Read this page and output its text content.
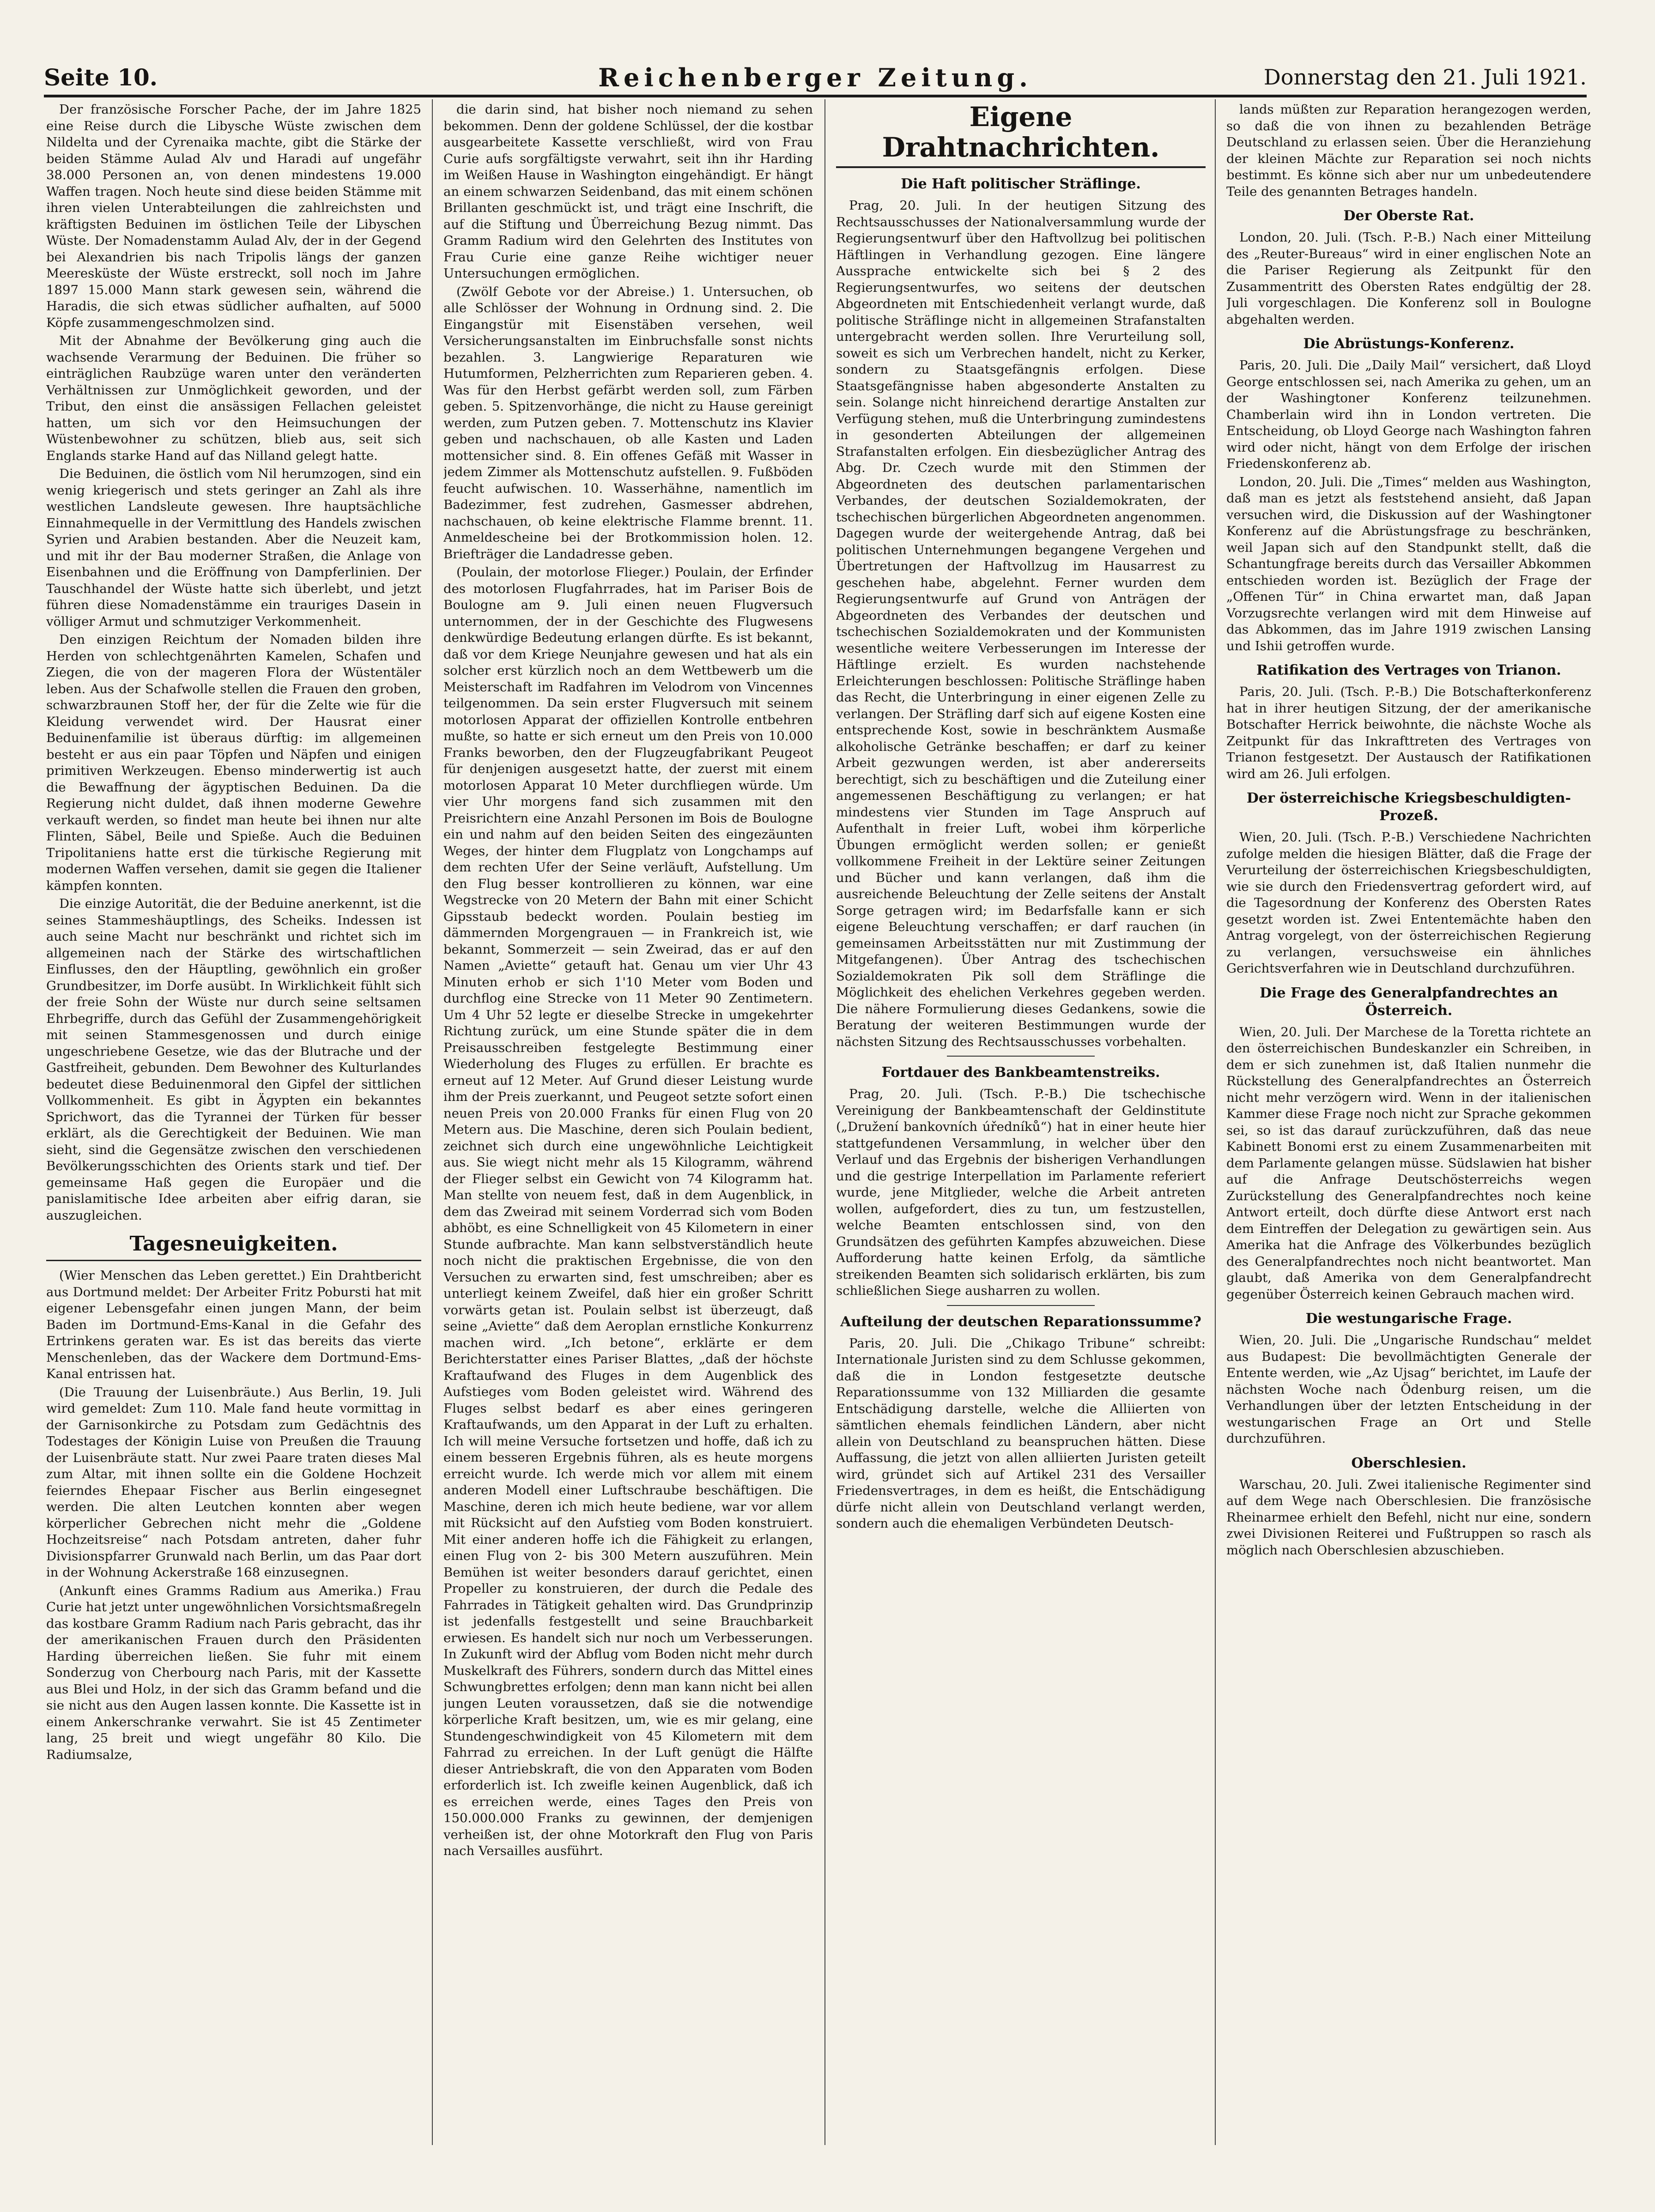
Seite 10.	Reichenberger Zeitung.	Donnerstag den 21. Juli 1921.

Der französische Forscher Pache, der im Jahre 1825 eine Reise durch die Libysche Wüste zwischen dem Nildelta und der Cyrenaika machte, gibt die Stärke der beiden Stämme Aulad Alv und Haradi auf ungefähr 38.000 Personen an, von denen mindestens 19.000 Waffen tragen. Noch heute sind diese beiden Stämme mit ihren vielen Unterabteilungen die zahlreichsten und kräftigsten Beduinen im östlichen Teile der Libyschen Wüste. Der Nomadenstamm Aulad Alv, der in der Gegend bei Alexandrien bis nach Tripolis längs der ganzen Meeresküste der Wüste erstreckt, soll noch im Jahre 1897 15.000 Mann stark gewesen sein, während die Haradis, die sich etwas südlicher aufhalten, auf 5000 Köpfe zusammengeschmolzen sind.

Mit der Abnahme der Bevölkerung ging auch die wachsende Verarmung der Beduinen. Die früher so einträglichen Raubzüge waren unter den veränderten Verhältnissen zur Unmöglichkeit geworden, und der Tribut, den einst die ansässigen Fellachen geleistet hatten, um sich vor den Heimsuchungen der Wüstenbewohner zu schützen, blieb aus, seit sich Englands starke Hand auf das Nilland gelegt hatte.

Die Beduinen, die östlich vom Nil herumzogen, sind ein wenig kriegerisch und stets geringer an Zahl als ihre westlichen Landsleute gewesen. Ihre hauptsächliche Einnahmequelle in der Vermittlung des Handels zwischen Syrien und Arabien bestanden. Aber die Neuzeit kam, und mit ihr der Bau moderner Straßen, die Anlage von Eisenbahnen und die Eröffnung von Dampferlinien. Der Tauschhandel der Wüste hatte sich überlebt, und jetzt führen diese Nomadenstämme ein trauriges Dasein in völliger Armut und schmutziger Verkommenheit.

Den einzigen Reichtum der Nomaden bilden ihre Herden von schlechtgenährten Kamelen, Schafen und Ziegen, die von der mageren Flora der Wüstentäler leben. Aus der Schafwolle stellen die Frauen den groben, schwarzbraunen Stoff her, der für die Zelte wie für die Kleidung verwendet wird. Der Hausrat einer Beduinenfamilie ist überaus dürftig: im allgemeinen besteht er aus ein paar Töpfen und Näpfen und einigen primitiven Werkzeugen. Ebenso minderwertig ist auch die Bewaffnung der ägyptischen Beduinen. Da die Regierung nicht duldet, daß ihnen moderne Gewehre verkauft werden, so findet man heute bei ihnen nur alte Flinten, Säbel, Beile und Spieße. Auch die Beduinen Tripolitaniens hatte erst die türkische Regierung mit modernen Waffen versehen, damit sie gegen die Italiener kämpfen konnten.

Die einzige Autorität, die der Beduine anerkennt, ist die seines Stammeshäuptlings, des Scheiks. Indessen ist auch seine Macht nur beschränkt und richtet sich im allgemeinen nach der Stärke des wirtschaftlichen Einflusses, den der Häuptling, gewöhnlich ein großer Grundbesitzer, im Dorfe ausübt. In Wirklichkeit fühlt sich der freie Sohn der Wüste nur durch seine seltsamen Ehrbegriffe, durch das Gefühl der Zusammengehörigkeit mit seinen Stammesgenossen und durch einige ungeschriebene Gesetze, wie das der Blutrache und der Gastfreiheit, gebunden. Dem Bewohner des Kulturlandes bedeutet diese Beduinenmoral den Gipfel der sittlichen Vollkommenheit. Es gibt in Ägypten ein bekanntes Sprichwort, das die Tyrannei der Türken für besser erklärt, als die Gerechtigkeit der Beduinen. Wie man sieht, sind die Gegensätze zwischen den verschiedenen Bevölkerungsschichten des Orients stark und tief. Der gemeinsame Haß gegen die Europäer und die panislamitische Idee arbeiten aber eifrig daran, sie auszugleichen.

Tagesneuigkeiten.

(Wier Menschen das Leben gerettet.) Ein Drahtbericht aus Dortmund meldet: Der Arbeiter Fritz Pobursti hat mit eigener Lebensgefahr einen jungen Mann, der beim Baden im Dortmund-Ems-Kanal in die Gefahr des Ertrinkens geraten war. Es ist das bereits das vierte Menschenleben, das der Wackere dem Dortmund-Ems-Kanal entrissen hat.

(Die Trauung der Luisenbräute.) Aus Berlin, 19. Juli wird gemeldet: Zum 110. Male fand heute vormittag in der Garnisonkirche zu Potsdam zum Gedächtnis des Todestages der Königin Luise von Preußen die Trauung der Luisenbräute statt. Nur zwei Paare traten dieses Mal zum Altar, mit ihnen sollte ein die Goldene Hochzeit feierndes Ehepaar Fischer aus Berlin eingesegnet werden. Die alten Leutchen konnten aber wegen körperlicher Gebrechen nicht mehr die „Goldene Hochzeitsreise“ nach Potsdam antreten, daher fuhr Divisionspfarrer Grunwald nach Berlin, um das Paar dort in der Wohnung Ackerstraße 168 einzusegnen.

(Ankunft eines Gramms Radium aus Amerika.) Frau Curie hat jetzt unter ungewöhnlichen Vorsichtsmaßregeln das kostbare Gramm Radium nach Paris gebracht, das ihr der amerikanischen Frauen durch den Präsidenten Harding überreichen ließen. Sie fuhr mit einem Sonderzug von Cherbourg nach Paris, mit der Kassette aus Blei und Holz, in der sich das Gramm befand und die sie nicht aus den Augen lassen konnte. Die Kassette ist in einem Ankerschranke verwahrt. Sie ist 45 Zentimeter lang, 25 breit und wiegt ungefähr 80 Kilo. Die Radiumsalze,

die darin sind, hat bisher noch niemand zu sehen bekommen. Denn der goldene Schlüssel, der die kostbar ausgearbeitete Kassette verschließt, wird von Frau Curie aufs sorgfältigste verwahrt, seit ihn ihr Harding im Weißen Hause in Washington eingehändigt. Er hängt an einem schwarzen Seidenband, das mit einem schönen Brillanten geschmückt ist, und trägt eine Inschrift, die auf die Stiftung und Überreichung Bezug nimmt. Das Gramm Radium wird den Gelehrten des Institutes von Frau Curie eine ganze Reihe wichtiger neuer Untersuchungen ermöglichen.

(Zwölf Gebote vor der Abreise.) 1. Untersuchen, ob alle Schlösser der Wohnung in Ordnung sind. 2. Die Eingangstür mit Eisenstäben versehen, weil Versicherungsanstalten im Einbruchsfalle sonst nichts bezahlen. 3. Langwierige Reparaturen wie Hutumformen, Pelzherrichten zum Reparieren geben. 4. Was für den Herbst gefärbt werden soll, zum Färben geben. 5. Spitzenvorhänge, die nicht zu Hause gereinigt werden, zum Putzen geben. 7. Mottenschutz ins Klavier geben und nachschauen, ob alle Kasten und Laden mottensicher sind. 8. Ein offenes Gefäß mit Wasser in jedem Zimmer als Mottenschutz aufstellen. 9. Fußböden feucht aufwischen. 10. Wasserhähne, namentlich im Badezimmer, fest zudrehen, Gasmesser abdrehen, nachschauen, ob keine elektrische Flamme brennt. 11. Anmeldescheine bei der Brotkommission holen. 12. Briefträger die Landadresse geben.

(Poulain, der motorlose Flieger.) Poulain, der Erfinder des motorlosen Flugfahrrades, hat im Pariser Bois de Boulogne am 9. Juli einen neuen Flugversuch unternommen, der in der Geschichte des Flugwesens denkwürdige Bedeutung erlangen dürfte. Es ist bekannt, daß vor dem Kriege Neunjahre gewesen und hat als ein solcher erst kürzlich noch an dem Wettbewerb um die Meisterschaft im Radfahren im Velodrom von Vincennes teilgenommen. Da sein erster Flugversuch mit seinem motorlosen Apparat der offiziellen Kontrolle entbehren mußte, so hatte er sich erneut um den Preis von 10.000 Franks beworben, den der Flugzeugfabrikant Peugeot für denjenigen ausgesetzt hatte, der zuerst mit einem motorlosen Apparat 10 Meter durchfliegen würde. Um vier Uhr morgens fand sich zusammen mit den Preisrichtern eine Anzahl Personen im Bois de Boulogne ein und nahm auf den beiden Seiten des eingezäunten Weges, der hinter dem Flugplatz von Longchamps auf dem rechten Ufer der Seine verläuft, Aufstellung. Um den Flug besser kontrollieren zu können, war eine Wegstrecke von 20 Metern der Bahn mit einer Schicht Gipsstaub bedeckt worden. Poulain bestieg im dämmernden Morgengrauen — in Frankreich ist, wie bekannt, Sommerzeit — sein Zweirad, das er auf den Namen „Aviette“ getauft hat. Genau um vier Uhr 43 Minuten erhob er sich 1'10 Meter vom Boden und durchflog eine Strecke von 11 Meter 90 Zentimetern. Um 4 Uhr 52 legte er dieselbe Strecke in umgekehrter Richtung zurück, um eine Stunde später die in dem Preisausschreiben festgelegte Bestimmung einer Wiederholung des Fluges zu erfüllen. Er brachte es erneut auf 12 Meter. Auf Grund dieser Leistung wurde ihm der Preis zuerkannt, und Peugeot setzte sofort einen neuen Preis von 20.000 Franks für einen Flug von 20 Metern aus. Die Maschine, deren sich Poulain bedient, zeichnet sich durch eine ungewöhnliche Leichtigkeit aus. Sie wiegt nicht mehr als 15 Kilogramm, während der Flieger selbst ein Gewicht von 74 Kilogramm hat. Man stellte von neuem fest, daß in dem Augenblick, in dem das Zweirad mit seinem Vorderrad sich vom Boden abhöbt, es eine Schnelligkeit von 45 Kilometern in einer Stunde aufbrachte. Man kann selbstverständlich heute noch nicht die praktischen Ergebnisse, die von den Versuchen zu erwarten sind, fest umschreiben; aber es unterliegt keinem Zweifel, daß hier ein großer Schritt vorwärts getan ist. Poulain selbst ist überzeugt, daß seine „Aviette“ daß dem Aeroplan ernstliche Konkurrenz machen wird. „Ich betone“, erklärte er dem Berichterstatter eines Pariser Blattes, „daß der höchste Kraftaufwand des Fluges in dem Augenblick des Aufstieges vom Boden geleistet wird. Während des Fluges selbst bedarf es aber eines geringeren Kraftaufwands, um den Apparat in der Luft zu erhalten. Ich will meine Versuche fortsetzen und hoffe, daß ich zu einem besseren Ergebnis führen, als es heute morgens erreicht wurde. Ich werde mich vor allem mit einem anderen Modell einer Luftschraube beschäftigen. Die Maschine, deren ich mich heute bediene, war vor allem mit Rücksicht auf den Aufstieg vom Boden konstruiert. Mit einer anderen hoffe ich die Fähigkeit zu erlangen, einen Flug von 2- bis 300 Metern auszuführen. Mein Bemühen ist weiter besonders darauf gerichtet, einen Propeller zu konstruieren, der durch die Pedale des Fahrrades in Tätigkeit gehalten wird. Das Grundprinzip ist jedenfalls festgestellt und seine Brauchbarkeit erwiesen. Es handelt sich nur noch um Verbesserungen. In Zukunft wird der Abflug vom Boden nicht mehr durch Muskelkraft des Führers, sondern durch das Mittel eines Schwungbrettes erfolgen; denn man kann nicht bei allen jungen Leuten voraussetzen, daß sie die notwendige körperliche Kraft besitzen, um, wie es mir gelang, eine Stundengeschwindigkeit von 45 Kilometern mit dem Fahrrad zu erreichen. In der Luft genügt die Hälfte dieser Antriebskraft, die von den Apparaten vom Boden erforderlich ist. Ich zweifle keinen Augenblick, daß ich es erreichen werde, eines Tages den Preis von 150.000.000 Franks zu gewinnen, der demjenigen verheißen ist, der ohne Motorkraft den Flug von Paris nach Versailles ausführt.

Eigene Drahtnachrichten.
Die Haft politischer Sträflinge.

Prag, 20. Juli. In der heutigen Sitzung des Rechtsausschusses der Nationalversammlung wurde der Regierungsentwurf über den Haftvollzug bei politischen Häftlingen in Verhandlung gezogen. Eine längere Aussprache entwickelte sich bei § 2 des Regierungsentwurfes, wo seitens der deutschen Abgeordneten mit Entschiedenheit verlangt wurde, daß politische Sträflinge nicht in allgemeinen Strafanstalten untergebracht werden sollen. Ihre Verurteilung soll, soweit es sich um Verbrechen handelt, nicht zu Kerker, sondern zu Staatsgefängnis erfolgen. Diese Staatsgefängnisse haben abgesonderte Anstalten zu sein. Solange nicht hinreichend derartige Anstalten zur Verfügung stehen, muß die Unterbringung zumindestens in gesonderten Abteilungen der allgemeinen Strafanstalten erfolgen. Ein diesbezüglicher Antrag des Abg. Dr. Czech wurde mit den Stimmen der Abgeordneten des deutschen parlamentarischen Verbandes, der deutschen Sozialdemokraten, der tschechischen bürgerlichen Abgeordneten angenommen. Dagegen wurde der weitergehende Antrag, daß bei politischen Unternehmungen begangene Vergehen und Übertretungen der Haftvollzug im Hausarrest zu geschehen habe, abgelehnt. Ferner wurden dem Regierungsentwurfe auf Grund von Anträgen der Abgeordneten des Verbandes der deutschen und tschechischen Sozialdemokraten und der Kommunisten wesentliche weitere Verbesserungen im Interesse der Häftlinge erzielt. Es wurden nachstehende Erleichterungen beschlossen: Politische Sträflinge haben das Recht, die Unterbringung in einer eigenen Zelle zu verlangen. Der Sträfling darf sich auf eigene Kosten eine entsprechende Kost, sowie in beschränktem Ausmaße alkoholische Getränke beschaffen; er darf zu keiner Arbeit gezwungen werden, ist aber andererseits berechtigt, sich zu beschäftigen und die Zuteilung einer angemessenen Beschäftigung zu verlangen; er hat mindestens vier Stunden im Tage Anspruch auf Aufenthalt in freier Luft, wobei ihm körperliche Übungen ermöglicht werden sollen; er genießt vollkommene Freiheit in der Lektüre seiner Zeitungen und Bücher und kann verlangen, daß ihm die ausreichende Beleuchtung der Zelle seitens der Anstalt Sorge getragen wird; im Bedarfsfalle kann er sich eigene Beleuchtung verschaffen; er darf rauchen (in gemeinsamen Arbeitsstätten nur mit Zustimmung der Mitgefangenen). Über Antrag des tschechischen Sozialdemokraten Pik soll dem Sträflinge die Möglichkeit des ehelichen Verkehres gegeben werden. Die nähere Formulierung dieses Gedankens, sowie die Beratung der weiteren Bestimmungen wurde der nächsten Sitzung des Rechtsausschusses vorbehalten.

Fortdauer des Bankbeamtenstreiks.

Prag, 20. Juli. (Tsch. P.-B.) Die tschechische Vereinigung der Bankbeamtenschaft der Geldinstitute („Družení bankovních úředníků“) hat in einer heute hier stattgefundenen Versammlung, in welcher über den Verlauf und das Ergebnis der bisherigen Verhandlungen und die gestrige Interpellation im Parlamente referiert wurde, jene Mitglieder, welche die Arbeit antreten wollen, aufgefordert, dies zu tun, um festzustellen, welche Beamten entschlossen sind, von den Grundsätzen des geführten Kampfes abzuweichen. Diese Aufforderung hatte keinen Erfolg, da sämtliche streikenden Beamten sich solidarisch erklärten, bis zum schließlichen Siege ausharren zu wollen.

Aufteilung der deutschen Reparationssumme?

Paris, 20. Juli. Die „Chikago Tribune“ schreibt: Internationale Juristen sind zu dem Schlusse gekommen, daß die in London festgesetzte deutsche Reparationssumme von 132 Milliarden die gesamte Entschädigung darstelle, welche die Alliierten von sämtlichen ehemals feindlichen Ländern, aber nicht allein von Deutschland zu beanspruchen hätten. Diese Auffassung, die jetzt von allen alliierten Juristen geteilt wird, gründet sich auf Artikel 231 des Versailler Friedensvertrages, in dem es heißt, die Entschädigung dürfe nicht allein von Deutschland verlangt werden, sondern auch die ehemaligen Verbündeten Deutsch-

lands müßten zur Reparation herangezogen werden, so daß die von ihnen zu bezahlenden Beträge Deutschland zu erlassen seien. Über die Heranziehung der kleinen Mächte zur Reparation sei noch nichts bestimmt. Es könne sich aber nur um unbedeutendere Teile des genannten Betrages handeln.

Der Oberste Rat.

London, 20. Juli. (Tsch. P.-B.) Nach einer Mitteilung des „Reuter-Bureaus“ wird in einer englischen Note an die Pariser Regierung als Zeitpunkt für den Zusammentritt des Obersten Rates endgültig der 28. Juli vorgeschlagen. Die Konferenz soll in Boulogne abgehalten werden.

Die Abrüstungs-Konferenz.

Paris, 20. Juli. Die „Daily Mail“ versichert, daß Lloyd George entschlossen sei, nach Amerika zu gehen, um an der Washingtoner Konferenz teilzunehmen. Chamberlain wird ihn in London vertreten. Die Entscheidung, ob Lloyd George nach Washington fahren wird oder nicht, hängt von dem Erfolge der irischen Friedenskonferenz ab.

London, 20. Juli. Die „Times“ melden aus Washington, daß man es jetzt als feststehend ansieht, daß Japan versuchen wird, die Diskussion auf der Washingtoner Konferenz auf die Abrüstungsfrage zu beschränken, weil Japan sich auf den Standpunkt stellt, daß die Schantungfrage bereits durch das Versailler Abkommen entschieden worden ist. Bezüglich der Frage der „Offenen Tür“ in China erwartet man, daß Japan Vorzugsrechte verlangen wird mit dem Hinweise auf das Abkommen, das im Jahre 1919 zwischen Lansing und Ishii getroffen wurde.

Ratifikation des Vertrages von Trianon.

Paris, 20. Juli. (Tsch. P.-B.) Die Botschafterkonferenz hat in ihrer heutigen Sitzung, der der amerikanische Botschafter Herrick beiwohnte, die nächste Woche als Zeitpunkt für das Inkrafttreten des Vertrages von Trianon festgesetzt. Der Austausch der Ratifikationen wird am 26. Juli erfolgen.

Der österreichische Kriegsbeschuldigten-Prozeß.

Wien, 20. Juli. (Tsch. P.-B.) Verschiedene Nachrichten zufolge melden die hiesigen Blätter, daß die Frage der Verurteilung der österreichischen Kriegsbeschuldigten, wie sie durch den Friedensvertrag gefordert wird, auf die Tagesordnung der Konferenz des Obersten Rates gesetzt worden ist. Zwei Ententemächte haben den Antrag vorgelegt, von der österreichischen Regierung zu verlangen, versuchsweise ein ähnliches Gerichtsverfahren wie in Deutschland durchzuführen.

Die Frage des Generalpfandrechtes an Österreich.

Wien, 20. Juli. Der Marchese de la Toretta richtete an den österreichischen Bundeskanzler ein Schreiben, in dem er sich zunehmen ist, daß Italien nunmehr die Rückstellung des Generalpfandrechtes an Österreich nicht mehr verzögern wird. Wenn in der italienischen Kammer diese Frage noch nicht zur Sprache gekommen sei, so ist das darauf zurückzuführen, daß das neue Kabinett Bonomi erst zu einem Zusammenarbeiten mit dem Parlamente gelangen müsse. Südslawien hat bisher auf die Anfrage Deutschösterreichs wegen Zurückstellung des Generalpfandrechtes noch keine Antwort erteilt, doch dürfte diese Antwort erst nach dem Eintreffen der Delegation zu gewärtigen sein. Aus Amerika hat die Anfrage des Völkerbundes bezüglich des Generalpfandrechtes noch nicht beantwortet. Man glaubt, daß Amerika von dem Generalpfandrecht gegenüber Österreich keinen Gebrauch machen wird.

Die westungarische Frage.

Wien, 20. Juli. Die „Ungarische Rundschau“ meldet aus Budapest: Die bevollmächtigten Generale der Entente werden, wie „Az Ujsag“ berichtet, im Laufe der nächsten Woche nach Ödenburg reisen, um die Verhandlungen über der letzten Entscheidung in der westungarischen Frage an Ort und Stelle durchzuführen.

Oberschlesien.

Warschau, 20. Juli. Zwei italienische Regimenter sind auf dem Wege nach Oberschlesien. Die französische Rheinarmee erhielt den Befehl, nicht nur eine, sondern zwei Divisionen Reiterei und Fußtruppen so rasch als möglich nach Oberschlesien abzuschieben.
